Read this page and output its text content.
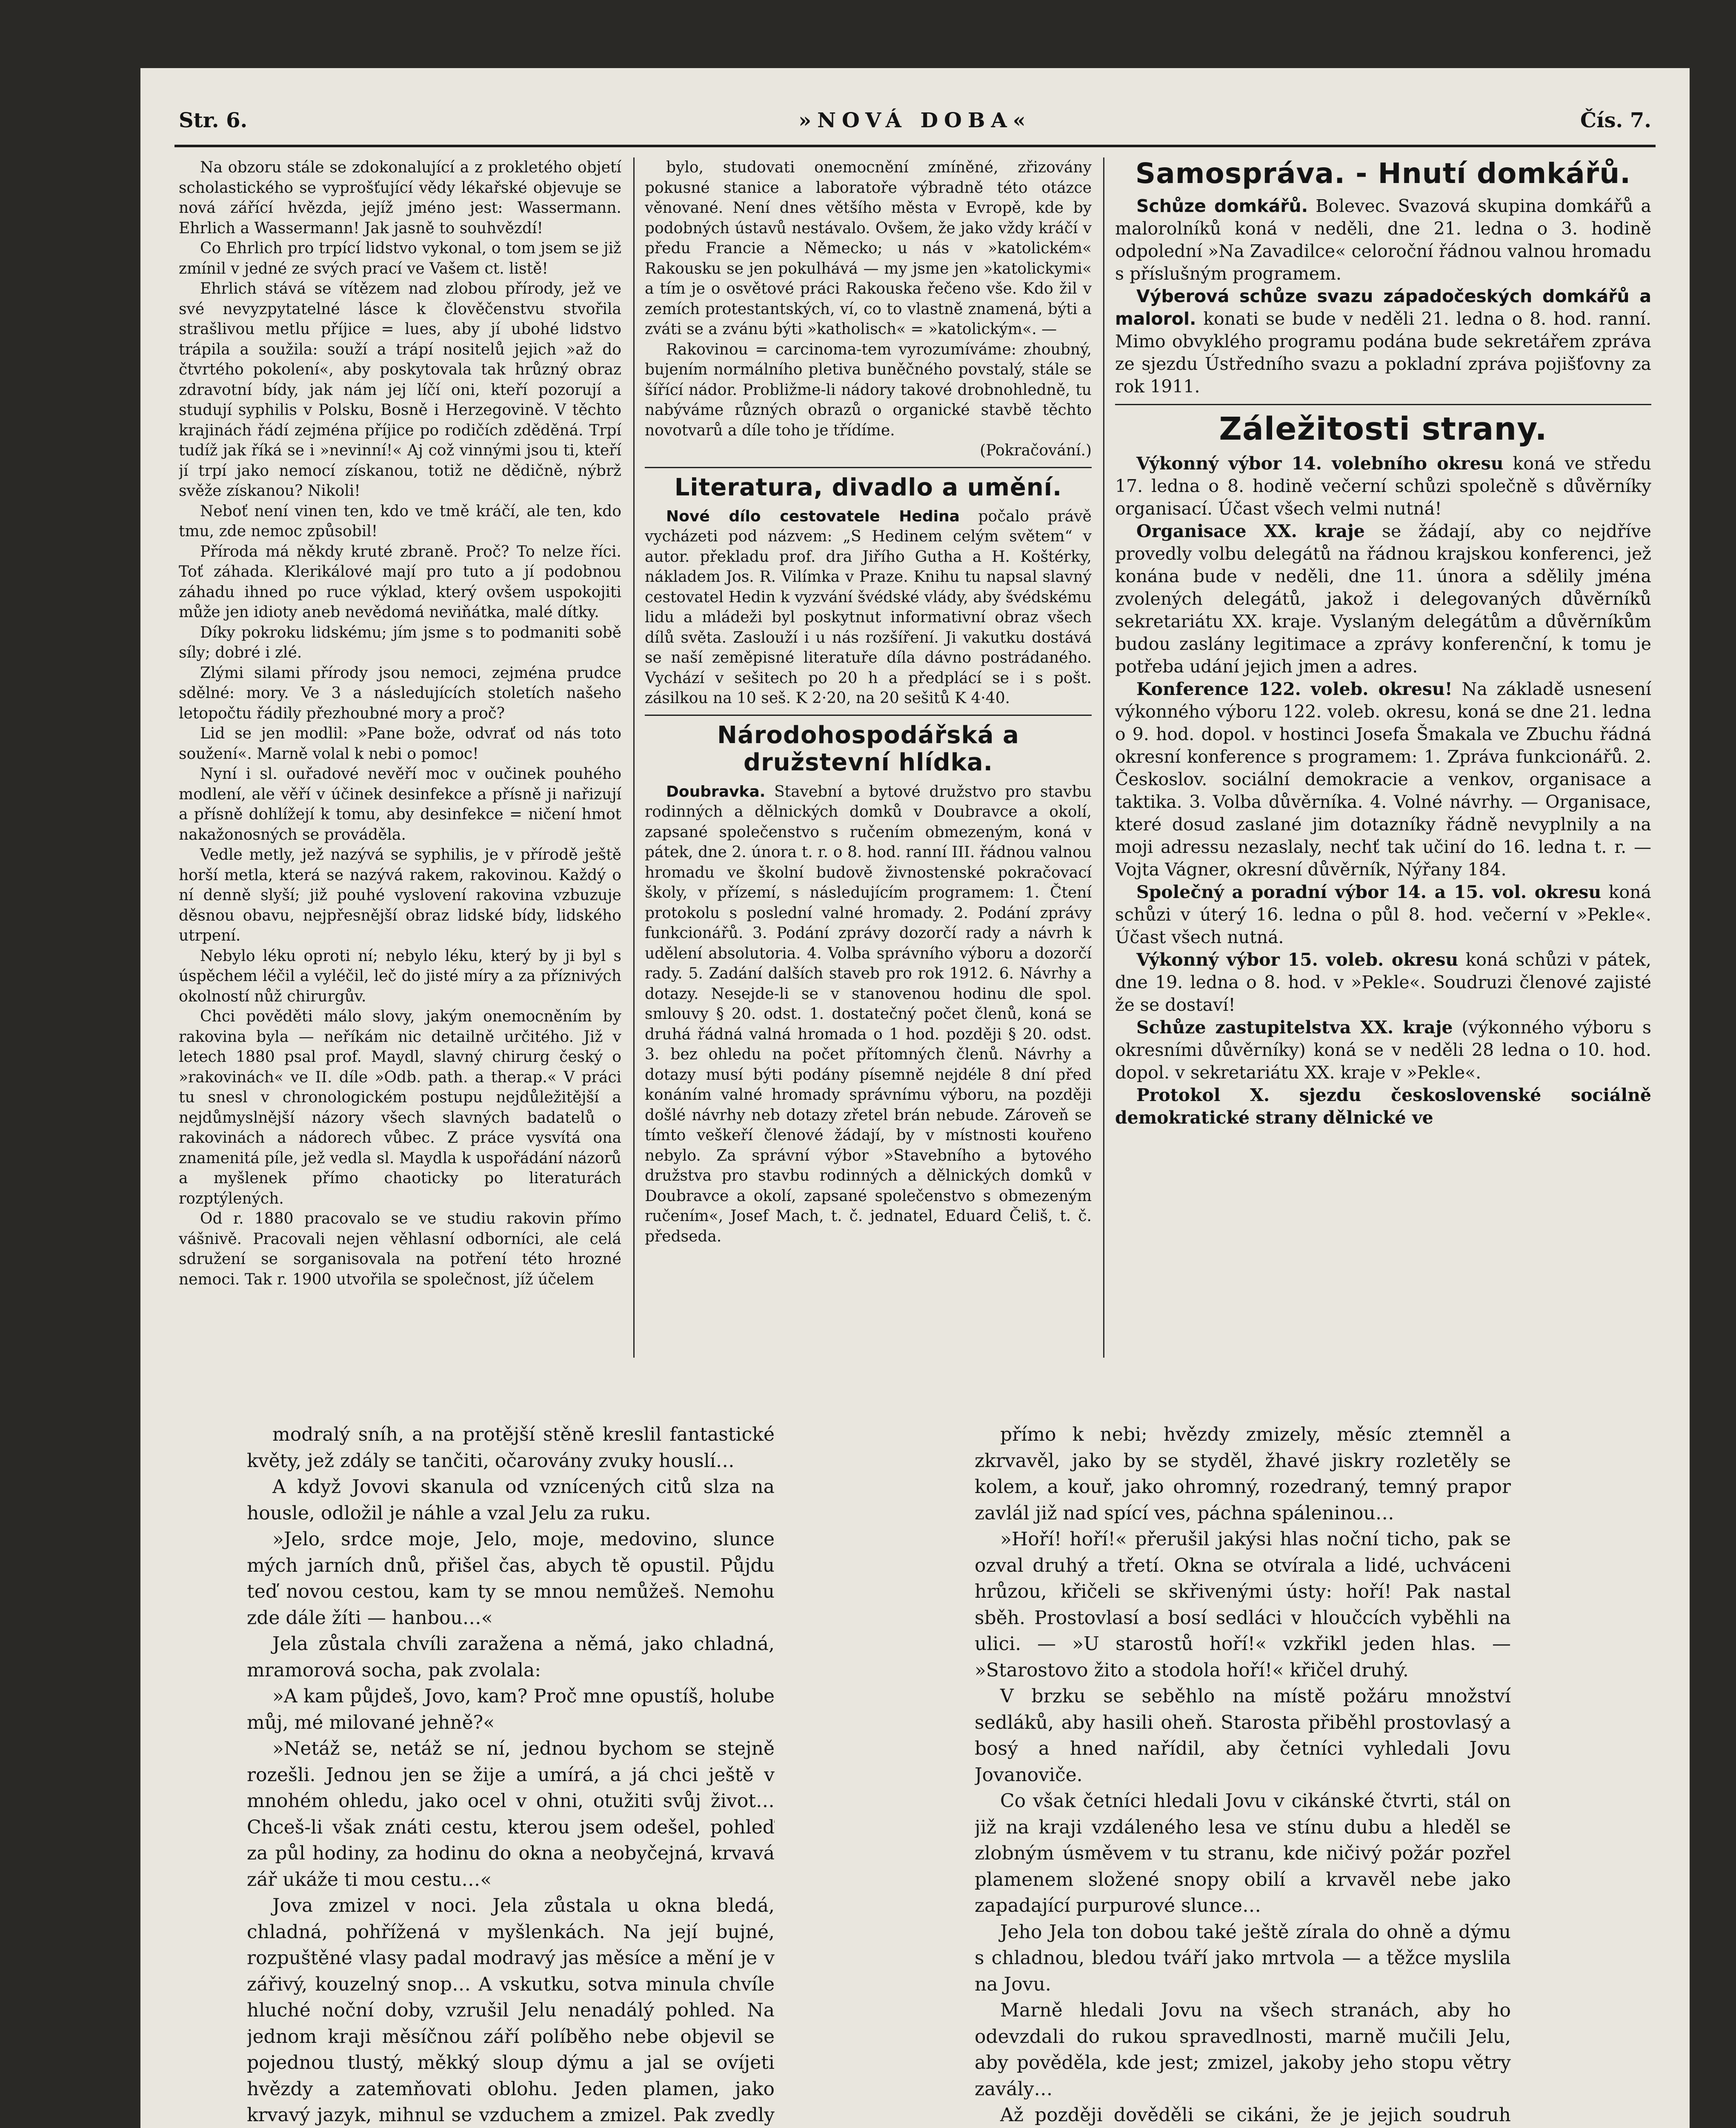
Str. 6.	»NOVÁ DOBA«	Čís. 7.

Na obzoru stále se zdokonalující a z prokletého objetí scholastického se vyprošťující vědy lékařské objevuje se nová zářící hvězda, jejíž jméno jest: Wassermann. Ehrlich a Wassermann! Jak jasně to souhvězdí!

Co Ehrlich pro trpící lidstvo vykonal, o tom jsem se již zmínil v jedné ze svých prací ve Vašem ct. listě!

Ehrlich stává se vítězem nad zlobou přírody, jež ve své nevyzpytatelné lásce k člověčenstvu stvořila strašlivou metlu příjice = lues, aby jí ubohé lidstvo trápila a soužila: souží a trápí nositelů jejich »až do čtvrtého pokolení«, aby poskytovala tak hrůzný obraz zdravotní bídy, jak nám jej líčí oni, kteří pozorují a studují syphilis v Polsku, Bosně i Herzegovině. V těchto krajinách řádí zejména příjice po rodičích zděděná. Trpí tudíž jak říká se i »nevinní!« Aj což vinnými jsou ti, kteří jí trpí jako nemocí získanou, totiž ne dědičně, nýbrž svěže získanou? Nikoli!

Neboť není vinen ten, kdo ve tmě kráčí, ale ten, kdo tmu, zde nemoc způsobil!

Příroda má někdy kruté zbraně. Proč? To nelze říci. Toť záhada. Klerikálové mají pro tuto a jí podobnou záhadu ihned po ruce výklad, který ovšem uspokojiti může jen idioty aneb nevědomá neviňátka, malé dítky.

Díky pokroku lidskému; jím jsme s to podmaniti sobě síly; dobré i zlé.

Zlými silami přírody jsou nemoci, zejména prudce sdělné: mory. Ve 3 a následujících stoletích našeho letopočtu řádily přezhoubné mory a proč?

Lid se jen modlil: »Pane bože, odvrať od nás toto soužení«. Marně volal k nebi o pomoc!

Nyní i sl. ouřadové nevěří moc v oučinek pouhého modlení, ale věří v účinek desinfekce a přísně ji nařizují a přísně dohlížejí k tomu, aby desinfekce = ničení hmot nakažonosných se prováděla.

Vedle metly, jež nazývá se syphilis, je v přírodě ještě horší metla, která se nazývá rakem, rakovinou. Každý o ní denně slyší; již pouhé vyslovení rakovina vzbuzuje děsnou obavu, nejpřesnější obraz lidské bídy, lidského utrpení.

Nebylo léku oproti ní; nebylo léku, který by ji byl s úspěchem léčil a vyléčil, leč do jisté míry a za příznivých okolností nůž chirurgův.

Chci pověděti málo slovy, jakým onemocněním by rakovina byla — neříkám nic detailně určitého. Již v letech 1880 psal prof. Maydl, slavný chirurg český o »rakovinách« ve II. díle »Odb. path. a therap.« V práci tu snesl v chronologickém postupu nejdůležitější a nejdůmyslnější názory všech slavných badatelů o rakovinách a nádorech vůbec. Z práce vysvítá ona znamenitá píle, jež vedla sl. Maydla k uspořádání názorů a myšlenek přímo chaoticky po literaturách rozptýlených.

Od r. 1880 pracovalo se ve studiu rakovin přímo vášnivě. Pracovali nejen věhlasní odborníci, ale celá sdružení se sorganisovala na potření této hrozné nemoci. Tak r. 1900 utvořila se společnost, jíž účelem

bylo, studovati onemocnění zmíněné, zřizovány pokusné stanice a laboratoře výbradně této otázce věnované. Není dnes většího města v Evropě, kde by podobných ústavů nestávalo. Ovšem, že jako vždy kráčí v předu Francie a Německo; u nás v »katolickém« Rakousku se jen pokulhává — my jsme jen »katolickymi« a tím je o osvětové práci Rakouska řečeno vše. Kdo žil v zemích protestantských, ví, co to vlastně znamená, býti a zváti se a zvánu býti »katholisch« = »katolickým«. —

Rakovinou = carcinoma-tem vyrozumíváme: zhoubný, bujením normálního pletiva buněčného povstalý, stále se šířící nádor. Probližme-li nádory takové drobnohledně, tu nabýváme různých obrazů o organické stavbě těchto novotvarů a díle toho je třídíme.

(Pokračování.)
Literatura, divadlo a umění.

Nové dílo cestovatele Hedina počalo právě vycházeti pod názvem: „S Hedinem celým světem“ v autor. překladu prof. dra Jiřího Gutha a H. Koštérky, nákladem Jos. R. Vilímka v Praze. Knihu tu napsal slavný cestovatel Hedin k vyzvání švédské vlády, aby švédskému lidu a mládeži byl poskytnut informativní obraz všech dílů světa. Zaslouží i u nás rozšíření. Ji vakutku dostává se naší zeměpisné literatuře díla dávno postrádaného. Vychází v sešitech po 20 h a předplácí se i s pošt. zásilkou na 10 seš. K 2·20, na 20 sešitů K 4·40.

Národohospodářská a družstevní hlídka.

Doubravka. Stavební a bytové družstvo pro stavbu rodinných a dělnických domků v Doubravce a okolí, zapsané společenstvo s ručením obmezeným, koná v pátek, dne 2. února t. r. o 8. hod. ranní III. řádnou valnou hromadu ve školní budově živnostenské pokračovací školy, v přízemí, s následujícím programem: 1. Čtení protokolu s poslední valné hromady. 2. Podání zprávy funkcionářů. 3. Podání zprávy dozorčí rady a návrh k udělení absolutoria. 4. Volba správního výboru a dozorčí rady. 5. Zadání dalších staveb pro rok 1912. 6. Návrhy a dotazy. Nesejde-li se v stanovenou hodinu dle spol. smlouvy § 20. odst. 1. dostatečný počet členů, koná se druhá řádná valná hromada o 1 hod. později § 20. odst. 3. bez ohledu na počet přítomných členů. Návrhy a dotazy musí býti podány písemně nejdéle 8 dní před konáním valné hromady správnímu výboru, na později došlé návrhy neb dotazy zřetel brán nebude. Zároveň se tímto veškeří členové žádají, by v místnosti kouřeno nebylo. Za správní výbor »Stavebního a bytového družstva pro stavbu rodinných a dělnických domků v Doubravce a okolí, zapsané společenstvo s obmezeným ručením«, Josef Mach, t. č. jednatel, Eduard Čeliš, t. č. předseda.

Samospráva. - Hnutí domkářů.

Schůze domkářů. Bolevec. Svazová skupina domkářů a malorolníků koná v neděli, dne 21. ledna o 3. hodině odpolední »Na Zavadilce« celoroční řádnou valnou hromadu s příslušným programem.

Výberová schůze svazu západočeských domkářů a malorol. konati se bude v neděli 21. ledna o 8. hod. ranní. Mimo obvyklého programu podána bude sekretářem zpráva ze sjezdu Ústředního svazu a pokladní zpráva pojišťovny za rok 1911.

Záležitosti strany.

Výkonný výbor 14. volebního okresu koná ve středu 17. ledna o 8. hodině večerní schůzi společně s důvěrníky organisací. Účast všech velmi nutná!

Organisace XX. kraje se žádají, aby co nejdříve provedly volbu delegátů na řádnou krajskou konferenci, jež konána bude v neděli, dne 11. února a sdělily jména zvolených delegátů, jakož i delegovaných důvěrníků sekretariátu XX. kraje. Vyslaným delegátům a důvěrníkům budou zaslány legitimace a zprávy konferenční, k tomu je potřeba udání jejich jmen a adres.

Konference 122. voleb. okresu! Na základě usnesení výkonného výboru 122. voleb. okresu, koná se dne 21. ledna o 9. hod. dopol. v hostinci Josefa Šmakala ve Zbuchu řádná okresní konference s programem: 1. Zpráva funkcionářů. 2. Českoslov. sociální demokracie a venkov, organisace a taktika. 3. Volba důvěrníka. 4. Volné návrhy. — Organisace, které dosud zaslané jim dotazníky řádně nevyplnily a na moji adressu nezaslaly, nechť tak učiní do 16. ledna t. r. — Vojta Vágner, okresní důvěrník, Nýřany 184.

Společný a poradní výbor 14. a 15. vol. okresu koná schůzi v úterý 16. ledna o půl 8. hod. večerní v »Pekle«. Účast všech nutná.

Výkonný výbor 15. voleb. okresu koná schůzi v pátek, dne 19. ledna o 8. hod. v »Pekle«. Soudruzi členové zajisté že se dostaví!

Schůze zastupitelstva XX. kraje (výkonného výboru s okresními důvěrníky) koná se v neděli 28 ledna o 10. hod. dopol. v sekretariátu XX. kraje v »Pekle«.

Protokol X. sjezdu československé sociálně demokratické strany dělnické ve

modralý sníh, a na protější stěně kreslil fantastické květy, jež zdály se tančiti, očarovány zvuky houslí…

A když Jovovi skanula od vznícených citů slza na housle, odložil je náhle a vzal Jelu za ruku.

»Jelo, srdce moje, Jelo, moje, medovino, slunce mých jarních dnů, přišel čas, abych tě opustil. Půjdu teď novou cestou, kam ty se mnou nemůžeš. Nemohu zde dále žíti — hanbou…«

Jela zůstala chvíli zaražena a němá, jako chladná, mramorová socha, pak zvolala:

»A kam půjdeš, Jovo, kam? Proč mne opustíš, holube můj, mé milované jehně?«

»Netáž se, netáž se ní, jednou bychom se stejně rozešli. Jednou jen se žije a umírá, a já chci ještě v mnohém ohledu, jako ocel v ohni, otužiti svůj život… Chceš-li však znáti cestu, kterou jsem odešel, pohleď za půl hodiny, za hodinu do okna a neobyčejná, krvavá zář ukáže ti mou cestu…«

Jova zmizel v noci. Jela zůstala u okna bledá, chladná, pohřížená v myšlenkách. Na její bujné, rozpuštěné vlasy padal modravý jas měsíce a mění je v zářivý, kouzelný snop… A vskutku, sotva minula chvíle hluché noční doby, vzrušil Jelu nenadálý pohled. Na jednom kraji měsíčnou září políběho nebe objevil se pojednou tlustý, měkký sloup dýmu a jal se ovíjeti hvězdy a zatemňovati oblohu. Jeden plamen, jako krvavý jazyk, mihnul se vzduchem a zmizel. Pak zvedly

přímo k nebi; hvězdy zmizely, měsíc ztemněl a zkrvavěl, jako by se styděl, žhavé jiskry rozletěly se kolem, a kouř, jako ohromný, rozedraný, temný prapor zavlál již nad spící ves, páchna spáleninou…

»Hoří! hoří!« přerušil jakýsi hlas noční ticho, pak se ozval druhý a třetí. Okna se otvírala a lidé, uchváceni hrůzou, křičeli se skřivenými ústy: hoří! Pak nastal sběh. Prostovlasí a bosí sedláci v hloučcích vyběhli na ulici. — »U starostů hoří!« vzkřikl jeden hlas. — »Starostovo žito a stodola hoří!« křičel druhý.

V brzku se seběhlo na místě požáru množství sedláků, aby hasili oheň. Starosta přiběhl prostovlasý a bosý a hned nařídil, aby četníci vyhledali Jovu Jovanoviče.

Co však četníci hledali Jovu v cikánské čtvrti, stál on již na kraji vzdáleného lesa ve stínu dubu a hleděl se zlobným úsměvem v tu stranu, kde ničivý požár pozřel plamenem složené snopy obilí a krvavěl nebe jako zapadající purpurové slunce…

Jeho Jela ton dobou také ještě zírala do ohně a dýmu s chladnou, bledou tváří jako mrtvola — a těžce myslila na Jovu.

Marně hledali Jovu na všech stranách, aby ho odevzdali do rukou spravedlnosti, marně mučili Jelu, aby pověděla, kde jest; zmizel, jakoby jeho stopu větry zavály…

Až později dověděli se cikáni, že je jejich soudruh
